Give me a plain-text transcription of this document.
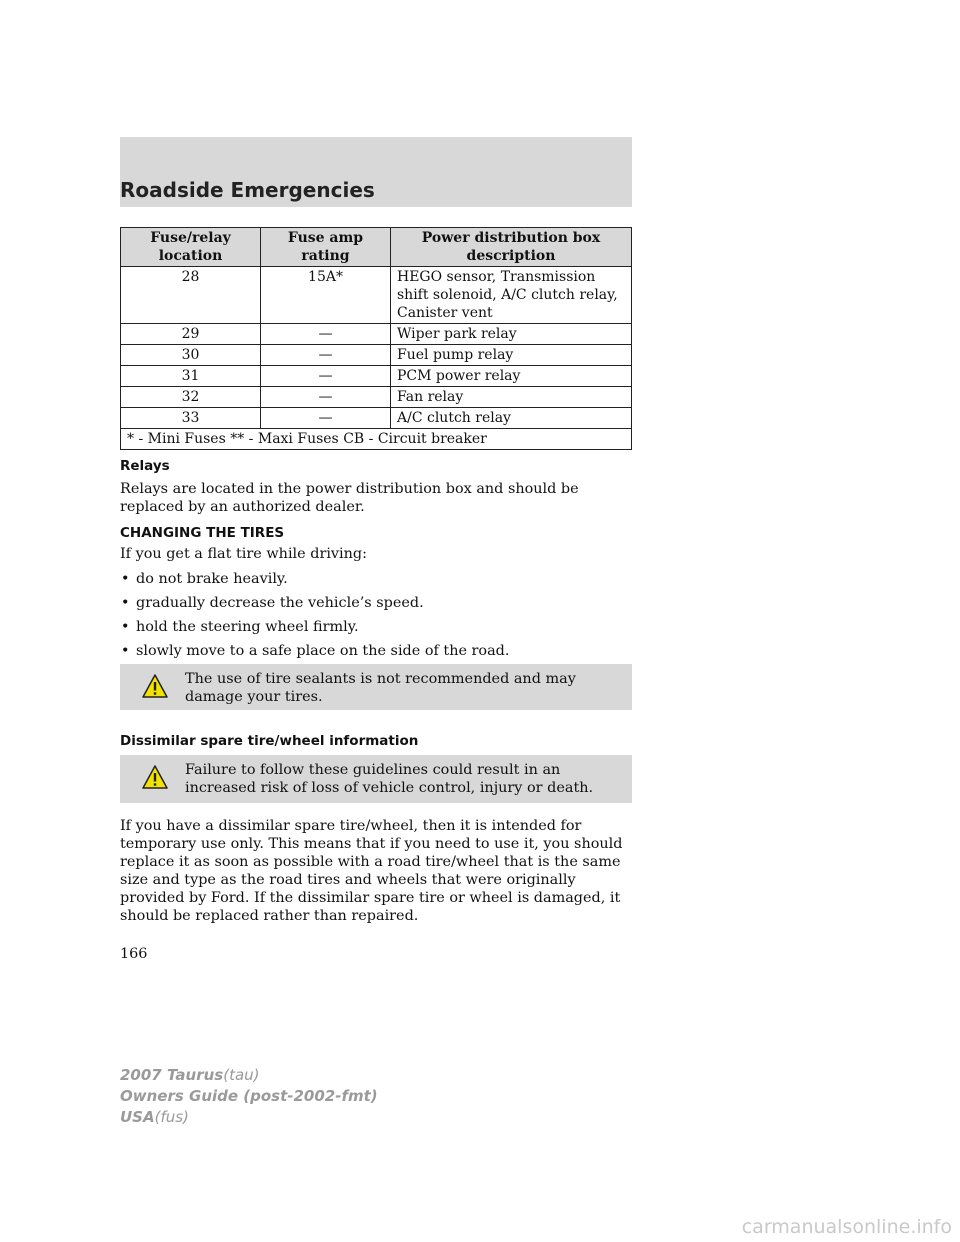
Roadside Emergencies
Fuse/relay location	Fuse amp rating	Power distribution box description
28	15A*	HEGO sensor, Transmission shift solenoid, A/C clutch relay, Canister vent
29	—	Wiper park relay
30	—	Fuel pump relay
31	—	PCM power relay
32	—	Fan relay
33	—	A/C clutch relay
* - Mini Fuses ** - Maxi Fuses CB - Circuit breaker		
Relays
Relays are located in the power distribution box and should be replaced by an authorized dealer.
CHANGING THE TIRES
If you get a flat tire while driving:
• do not brake heavily.
• gradually decrease the vehicle’s speed.
• hold the steering wheel firmly.
• slowly move to a safe place on the side of the road.
The use of tire sealants is not recommended and may damage your tires.
Dissimilar spare tire/wheel information
Failure to follow these guidelines could result in an increased risk of loss of vehicle control, injury or death.
If you have a dissimilar spare tire/wheel, then it is intended for temporary use only. This means that if you need to use it, you should replace it as soon as possible with a road tire/wheel that is the same size and type as the road tires and wheels that were originally provided by Ford. If the dissimilar spare tire or wheel is damaged, it should be replaced rather than repaired.
166
2007 Taurus(tau)
Owners Guide (post-2002-fmt)
USA(fus)
carmanualsonline.info
